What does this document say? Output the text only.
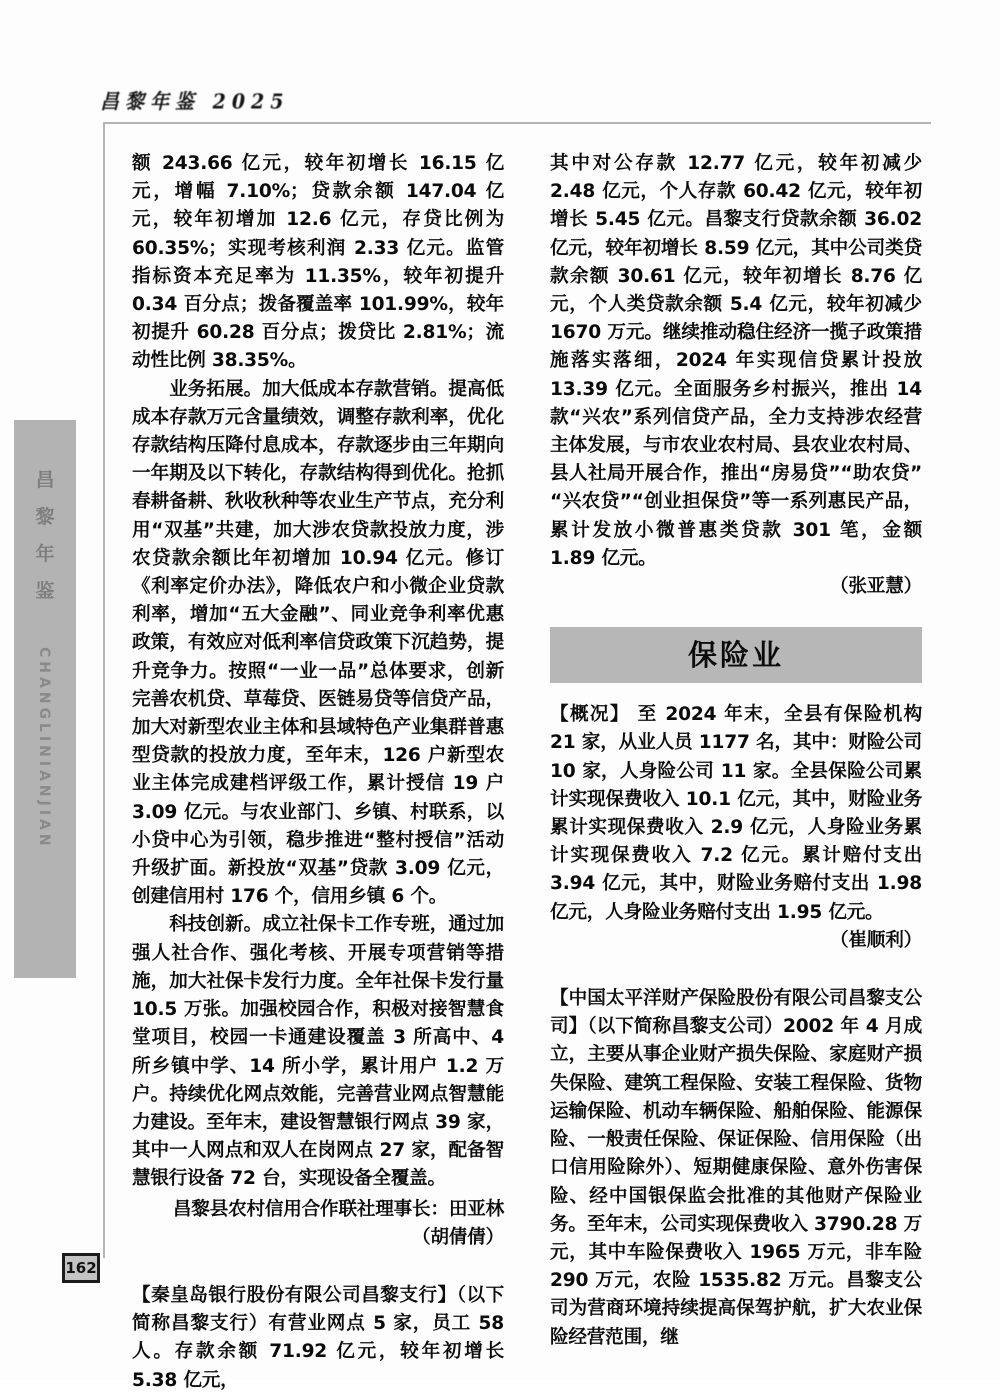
昌黎年鉴 2025
昌
黎
年
鉴
CHANGLINIANJIAN
162

额 243.66 亿元，较年初增长 16.15 亿元，增幅 7.10%；贷款余额 147.04 亿元，较年初增加 12.6 亿元，存贷比例为 60.35%；实现考核利润 2.33 亿元。监管指标资本充足率为 11.35%，较年初提升 0.34 百分点；拨备覆盖率 101.99%，较年初提升 60.28 百分点；拨贷比 2.81%；流动性比例 38.35%。

业务拓展。加大低成本存款营销。提高低成本存款万元含量绩效，调整存款利率，优化存款结构压降付息成本，存款逐步由三年期向一年期及以下转化，存款结构得到优化。抢抓春耕备耕、秋收秋种等农业生产节点，充分利用“双基”共建，加大涉农贷款投放力度，涉农贷款余额比年初增加 10.94 亿元。修订《利率定价办法》，降低农户和小微企业贷款利率，增加“五大金融”、同业竞争利率优惠政策，有效应对低利率信贷政策下沉趋势，提升竞争力。按照“一业一品”总体要求，创新完善农机贷、草莓贷、医链易贷等信贷产品，加大对新型农业主体和县域特色产业集群普惠型贷款的投放力度，至年末，126 户新型农业主体完成建档评级工作，累计授信 19 户 3.09 亿元。与农业部门、乡镇、村联系，以小贷中心为引领，稳步推进“整村授信”活动升级扩面。新投放“双基”贷款 3.09 亿元，创建信用村 176 个，信用乡镇 6 个。

科技创新。成立社保卡工作专班，通过加强人社合作、强化考核、开展专项营销等措施，加大社保卡发行力度。全年社保卡发行量 10.5 万张。加强校园合作，积极对接智慧食堂项目，校园一卡通建设覆盖 3 所高中、4 所乡镇中学、14 所小学，累计用户 1.2 万户。持续优化网点效能，完善营业网点智慧能力建设。至年末，建设智慧银行网点 39 家，其中一人网点和双人在岗网点 27 家，配备智慧银行设备 72 台，实现设备全覆盖。

昌黎县农村信用合作联社理事长：田亚林

（胡倩倩）

【秦皇岛银行股份有限公司昌黎支行】（以下简称昌黎支行）有营业网点 5 家，员工 58 人。存款余额 71.92 亿元，较年初增长 5.38 亿元，

其中对公存款 12.77 亿元，较年初减少 2.48 亿元，个人存款 60.42 亿元，较年初增长 5.45 亿元。昌黎支行贷款余额 36.02 亿元，较年初增长 8.59 亿元，其中公司类贷款余额 30.61 亿元，较年初增长 8.76 亿元，个人类贷款余额 5.4 亿元，较年初减少 1670 万元。继续推动稳住经济一揽子政策措施落实落细，2024 年实现信贷累计投放 13.39 亿元。全面服务乡村振兴，推出 14 款“兴农”系列信贷产品，全力支持涉农经营主体发展，与市农业农村局、县农业农村局、县人社局开展合作，推出“房易贷”“助农贷”“兴农贷”“创业担保贷”等一系列惠民产品，累计发放小微普惠类贷款 301 笔，金额 1.89 亿元。

（张亚慧）

保险业

【概况】 至 2024 年末，全县有保险机构 21 家，从业人员 1177 名，其中：财险公司 10 家，人身险公司 11 家。全县保险公司累计实现保费收入 10.1 亿元，其中，财险业务累计实现保费收入 2.9 亿元，人身险业务累计实现保费收入 7.2 亿元。累计赔付支出 3.94 亿元，其中，财险业务赔付支出 1.98 亿元，人身险业务赔付支出 1.95 亿元。

（崔顺利）

【中国太平洋财产保险股份有限公司昌黎支公司】（以下简称昌黎支公司）2002 年 4 月成立，主要从事企业财产损失保险、家庭财产损失保险、建筑工程保险、安装工程保险、货物运输保险、机动车辆保险、船舶保险、能源保险、一般责任保险、保证保险、信用保险（出口信用险除外）、短期健康保险、意外伤害保险、经中国银保监会批准的其他财产保险业务。至年末，公司实现保费收入 3790.28 万元，其中车险保费收入 1965 万元，非车险 290 万元，农险 1535.82 万元。昌黎支公司为营商环境持续提高保驾护航，扩大农业保险经营范围，继
